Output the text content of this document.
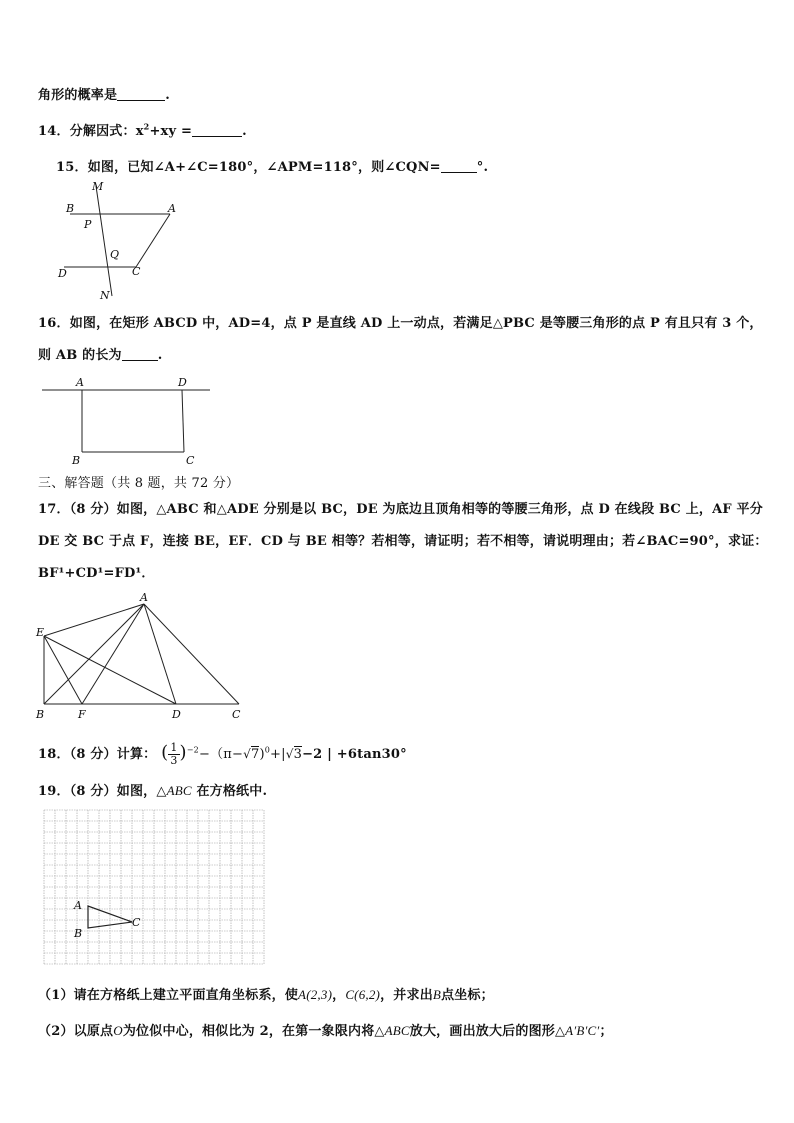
角形的概率是	.
14．分解因式：$x^2+xy$ =	.
15．如图，已知∠A+∠C=180°，∠APM=118°，则∠CQN=	°.
M
B	A
P
Q
D	C
N
16．如图，在矩形 ABCD 中，AD=4，点 P 是直线 AD 上一动点，若满足△PBC 是等腰三角形的点 P 有且只有 3 个，
则 AB 的长为	.
A	D
B	C
三、解答题（共 8 题，共 72 分）
17．（8 分）如图，△ABC 和△ADE 分别是以 BC，DE 为底边且顶角相等的等腰三角形，点 D 在线段 BC 上，AF 平分
DE 交 BC 于点 F，连接 BE，EF．CD 与 BE 相等？若相等，请证明；若不相等，请说明理由；若∠BAC=90°，求证：
BF¹+CD¹=FD¹．
A
E
B	F	D	C
18．（8 分）计算： ( $\frac{1}{3} )^{-2}-(\pi-√7)^0+|√3-2$ | +6tan30°
19．（8 分）如图，△ABC 在方格纸中.
A
B
C
（1）请在方格纸上建立平面直角坐标系，使A(2,3)，C(6,2)，并求出B点坐标；
（2）以原点O为位似中心，相似比为 2，在第一象限内将△ABC放大，画出放大后的图形△A′B′C′；
